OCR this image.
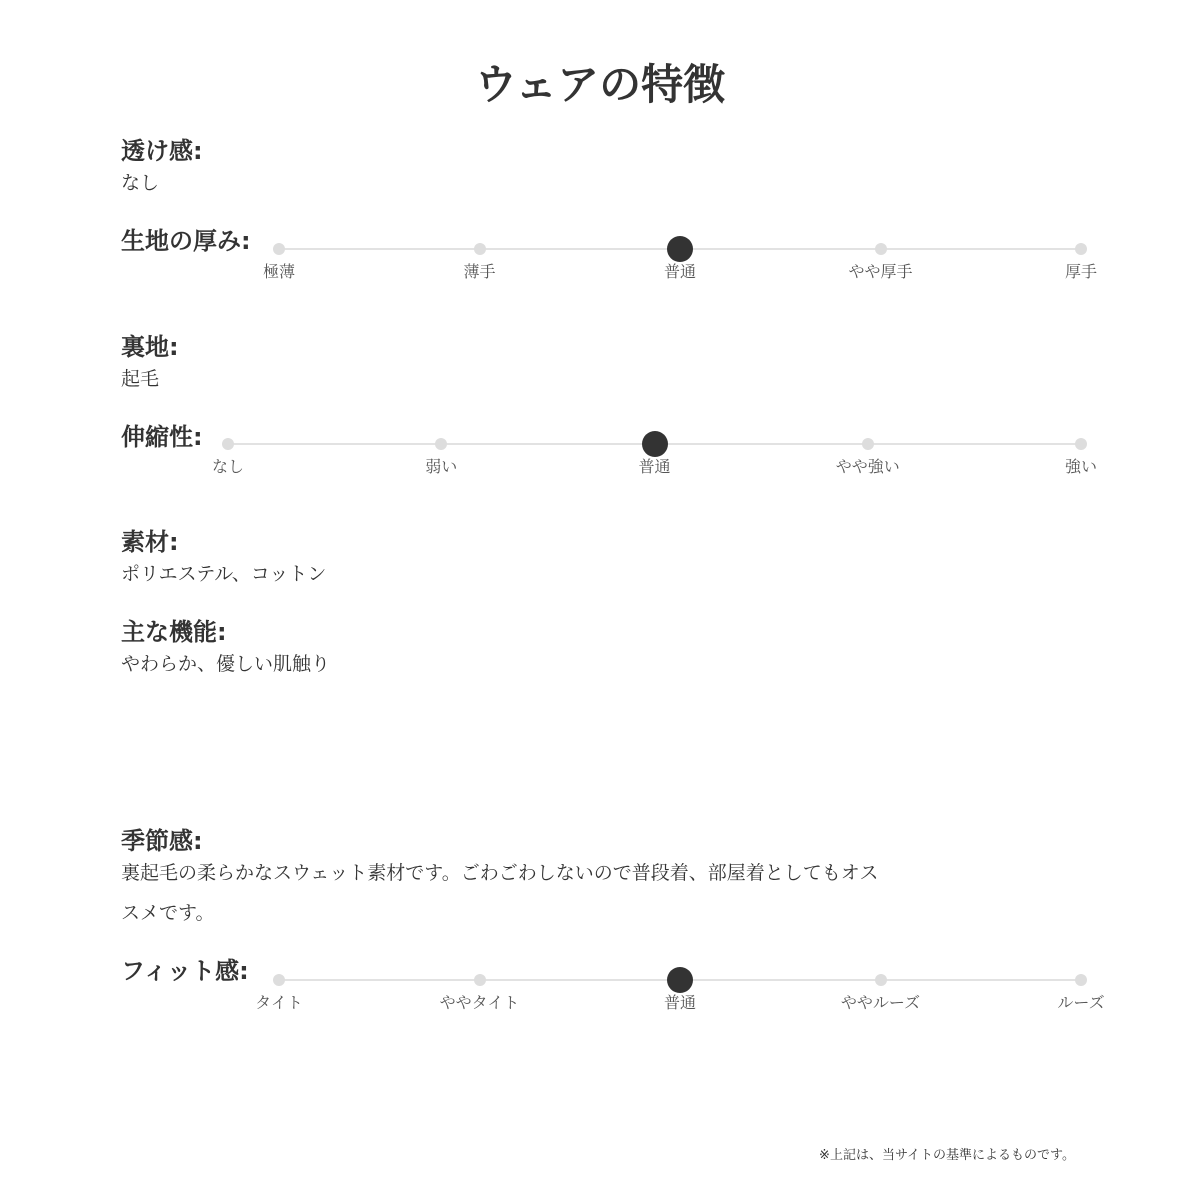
ウェアの特徴
透け感:
なし
生地の厚み:
極薄	薄手	普通	やや厚手	厚手
裏地:
起毛
伸縮性:
なし	弱い	普通	やや強い	強い
素材:
ポリエステル、コットン
主な機能:
やわらか、優しい肌触り
季節感:
裏起毛の柔らかなスウェット素材です。ごわごわしないので普段着、部屋着としてもオススメです。
フィット感:
タイト	ややタイト	普通	ややルーズ	ルーズ
※上記は、当サイトの基準によるものです。
